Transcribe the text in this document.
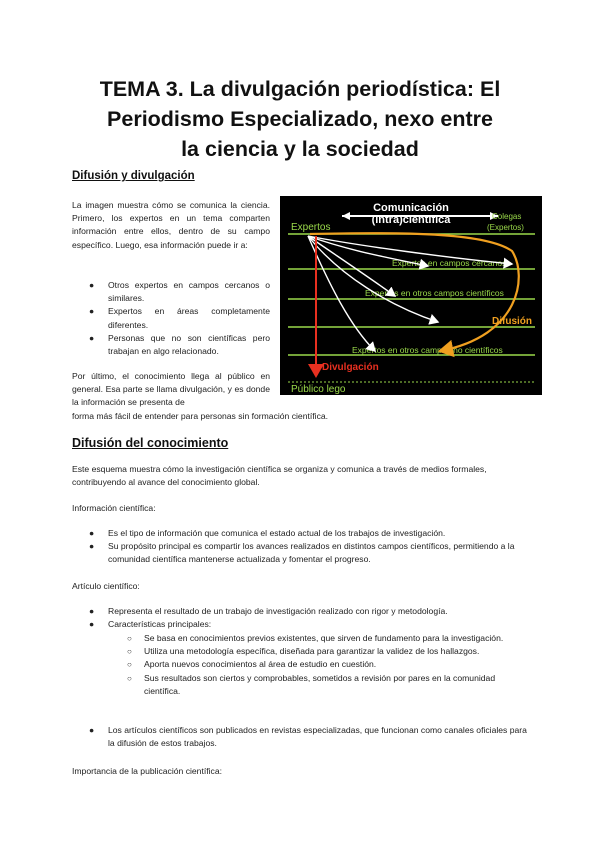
TEMA 3. La divulgación periodística: El
Periodismo Especializado, nexo entre
la ciencia y la sociedad
Difusión y divulgación
La imagen muestra cómo se comunica la ciencia. Primero, los expertos en un tema comparten información entre ellos, dentro de su campo específico. Luego, esa información puede ir a:
● Otros expertos en campos cercanos o similares.
● Expertos en áreas completamente diferentes.
● Personas que no son científicas pero trabajan en algo relacionado.
Por último, el conocimiento llega al público en general. Esa parte se llama divulgación, y es donde la información se presenta de
forma más fácil de entender para personas sin formación científica.
Comunicación
(intra)científica
Expertos
Colegas
(Expertos)
Expertos en campos cercanos
Expertos en otros campos científicos
Expertos en otros campos no científicos
Difusión
Divulgación
Público lego
Difusión del conocimiento
Este esquema muestra cómo la investigación científica se organiza y comunica a través de medios formales, contribuyendo al avance del conocimiento global.
Información científica:
● Es el tipo de información que comunica el estado actual de los trabajos de investigación.
● Su propósito principal es compartir los avances realizados en distintos campos científicos, permitiendo a la comunidad científica mantenerse actualizada y fomentar el progreso.
Artículo científico:
● Representa el resultado de un trabajo de investigación realizado con rigor y metodología.
● Características principales:
○ Se basa en conocimientos previos existentes, que sirven de fundamento para la investigación.
○ Utiliza una metodología específica, diseñada para garantizar la validez de los hallazgos.
○ Aporta nuevos conocimientos al área de estudio en cuestión.
○ Sus resultados son ciertos y comprobables, sometidos a revisión por pares en la comunidad científica.
● Los artículos científicos son publicados en revistas especializadas, que funcionan como canales oficiales para la difusión de estos trabajos.
Importancia de la publicación científica:
